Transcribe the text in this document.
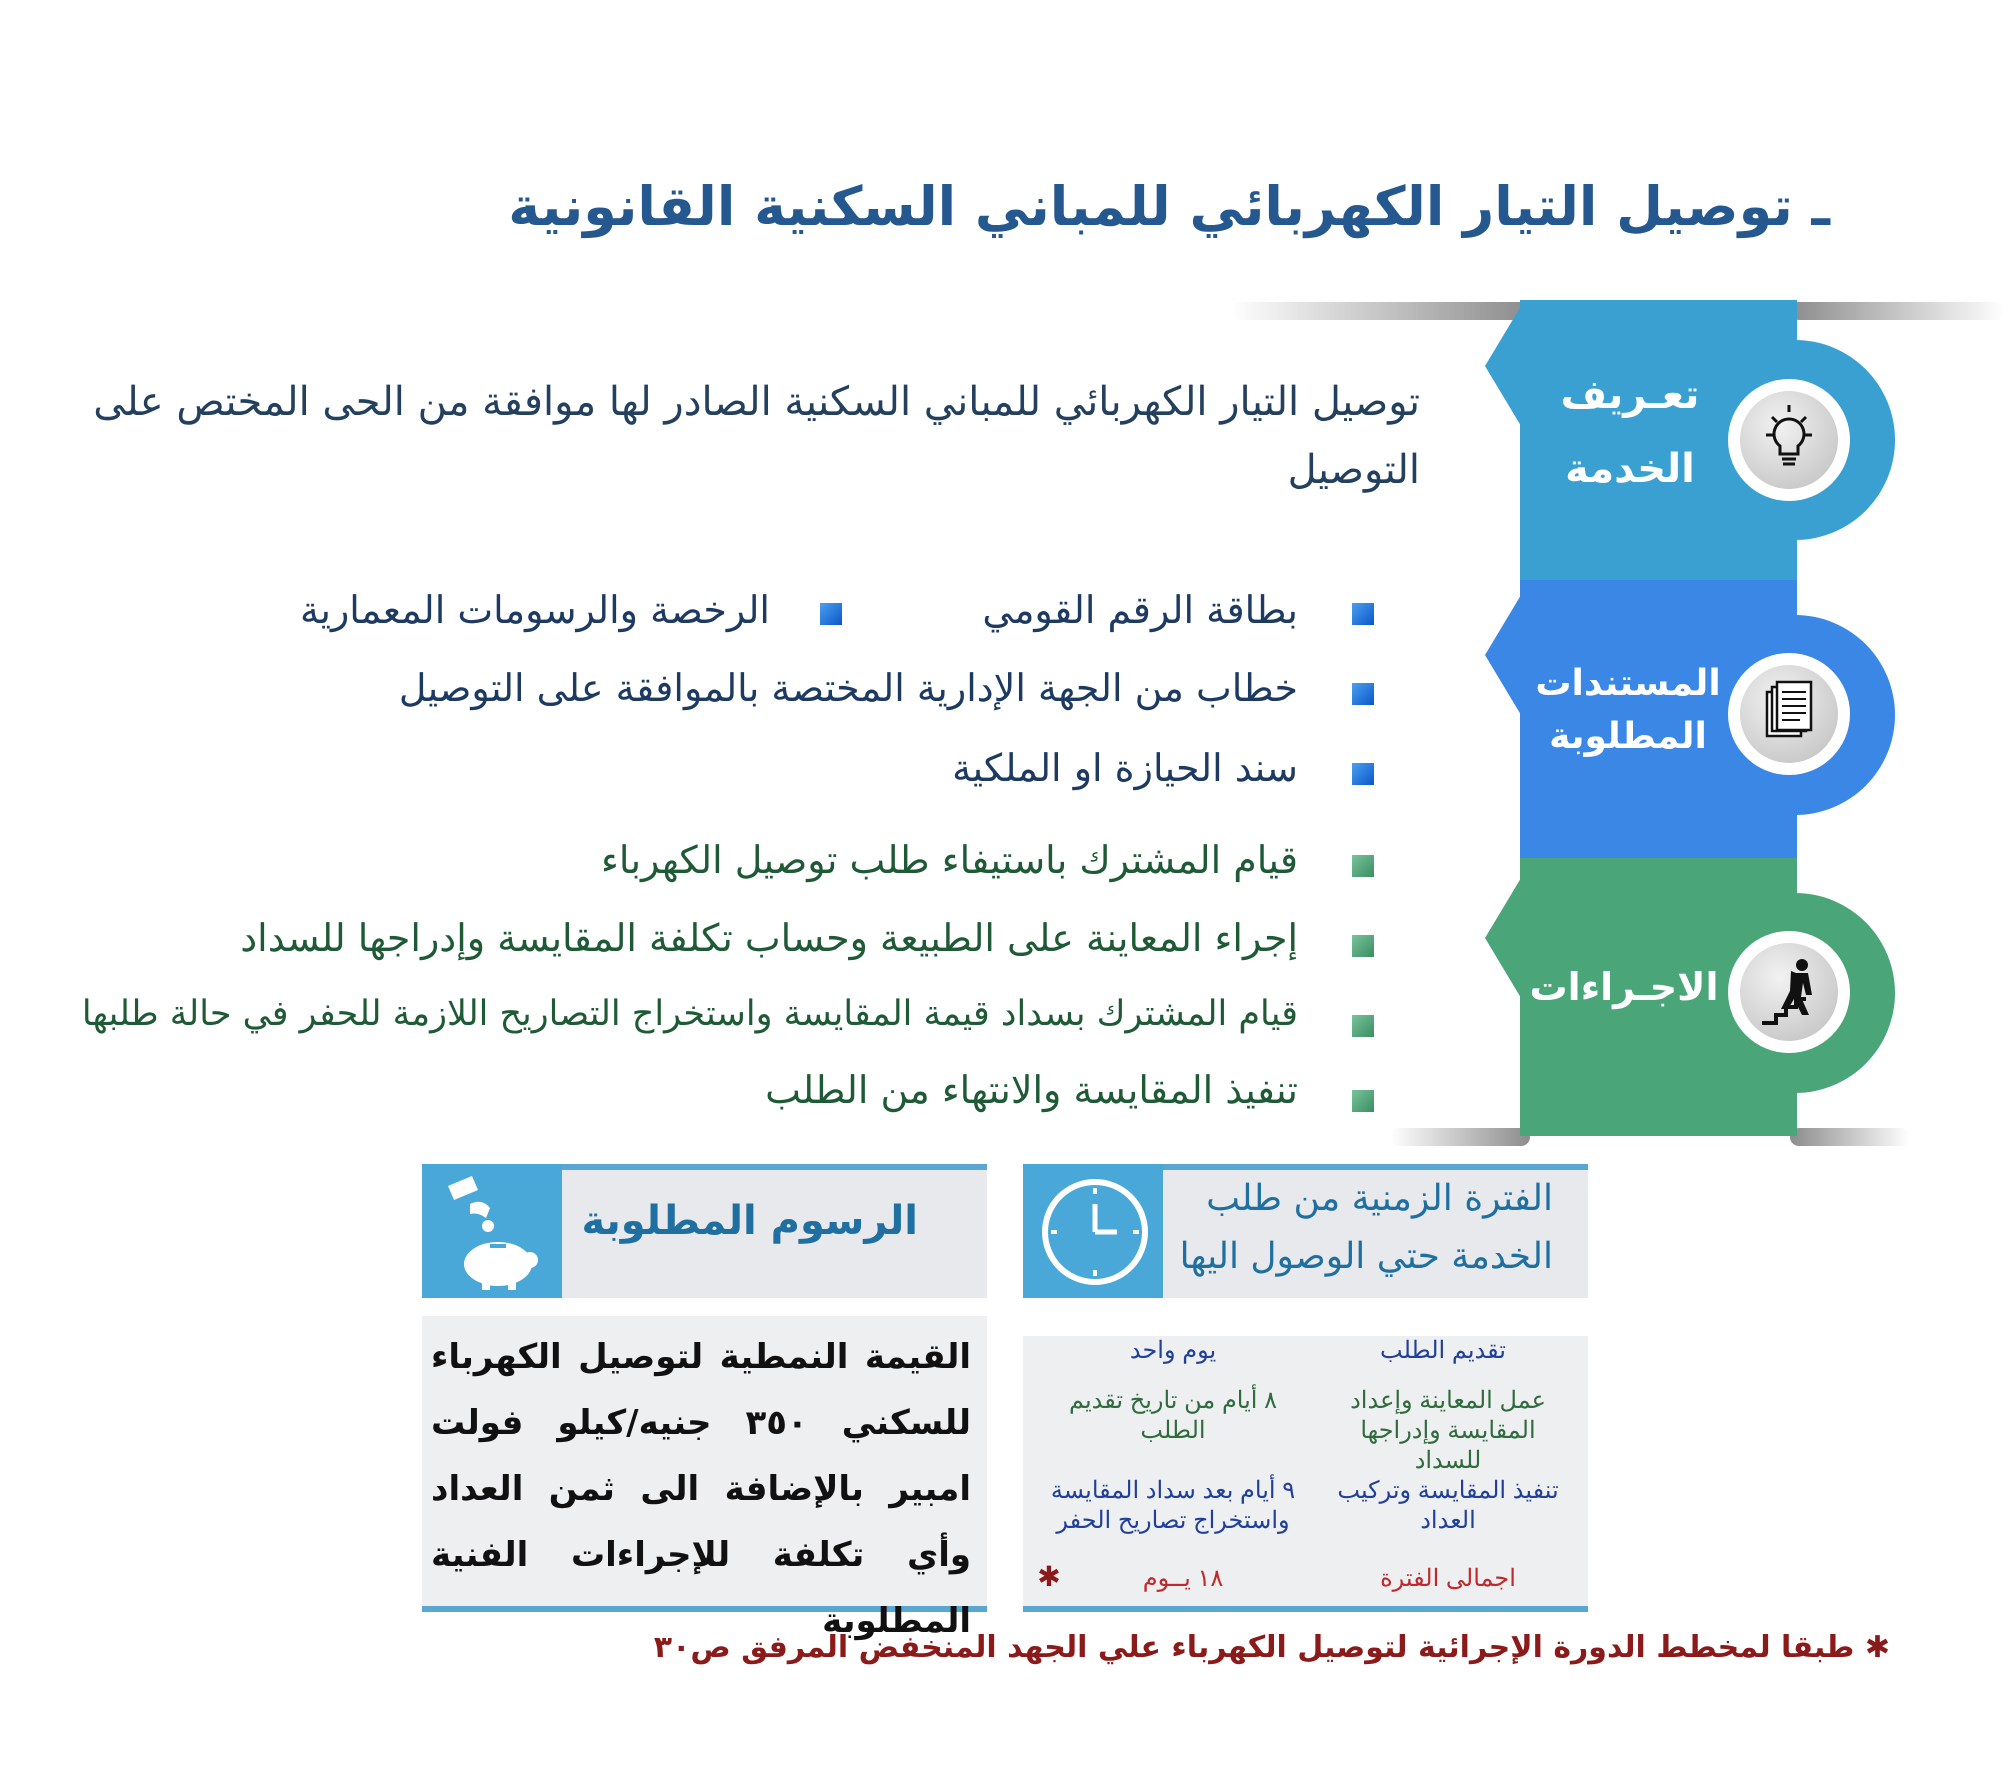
ـ توصيل التيار الكهربائي للمباني السكنية القانونية
تعـريف
الخدمة
المستندات
المطلوبة
الاجـراءات
توصيل التيار الكهربائي للمباني السكنية الصادر لها موافقة من الحى المختص على التوصيل
بطاقة الرقم القومي
الرخصة والرسومات المعمارية
خطاب من الجهة الإدارية المختصة بالموافقة على التوصيل
سند الحيازة او الملكية
قيام المشترك باستيفاء طلب توصيل الكهرباء
إجراء المعاينة على الطبيعة وحساب تكلفة المقايسة وإدراجها للسداد
قيام المشترك بسداد قيمة المقايسة واستخراج التصاريح اللازمة للحفر في حالة طلبها
تنفيذ المقايسة والانتهاء من الطلب
الرسوم المطلوبة
القيمة النمطية لتوصيل الكهرباء للسكني ٣٥٠ جنيه/كيلو فولت امبير بالإضافة الى ثمن العداد وأي تكلفة للإجراءات الفنية المطلوبة
الفترة الزمنية من طلب
الخدمة حتي الوصول اليها
تقديم الطلب
يوم واحد
عمل المعاينة وإعداد المقايسة وإدراجها للسداد
٨ أيام من تاريخ تقديم الطلب
تنفيذ المقايسة وتركيب العداد
٩ أيام بعد سداد المقايسة واستخراج تصاريح الحفر
اجمالى الفترة
١٨ يــوم
✱
✱ طبقا لمخطط الدورة الإجرائية لتوصيل الكهرباء علي الجهد المنخفض المرفق ص٣٠
